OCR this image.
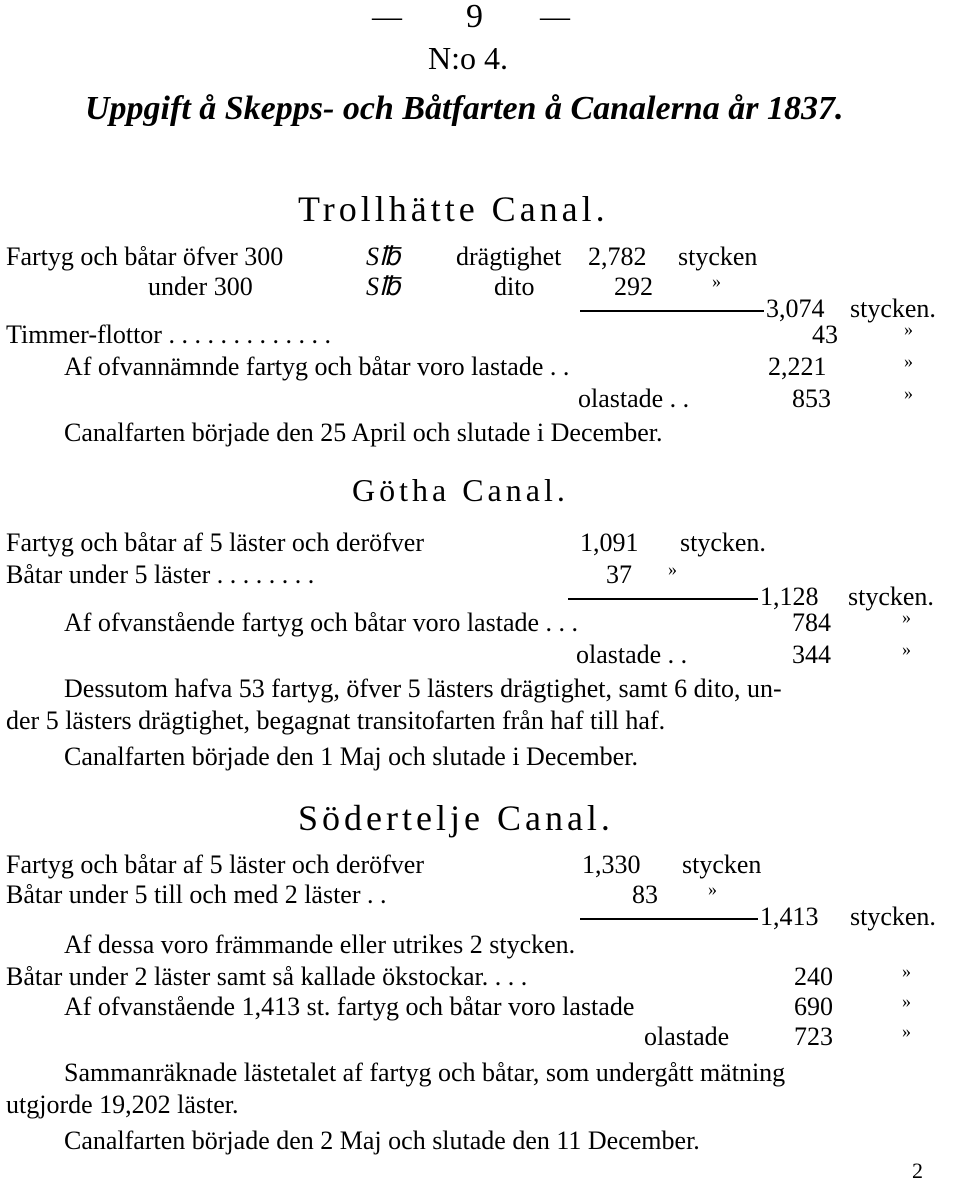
— 9 —
N:o 4.
Uppgift å Skepps- och Båtfarten å Canalerna år 1837.
Trollhätte Canal.
Fartyg och båtar öfver 300	S℔ drägtighet 2,782 stycken
under 300	S℔	dito	292	»
3,074 stycken.
Timmer-flottor . . . . . . . . . . . . .	43	»
Af ofvannämnde fartyg och båtar voro lastade . .	2,221	»
olastade . .	853	»
Canalfarten började den 25 April och slutade i December.
Götha Canal.
Fartyg och båtar af 5 läster och deröfver	1,091 stycken.
Båtar under 5 läster . . . . . . . .	37 »
1,128 stycken.
Af ofvanstående fartyg och båtar voro lastade . . .	784	»
olastade . .	344	»
Dessutom hafva 53 fartyg, öfver 5 lästers drägtighet, samt 6 dito, un-
der 5 lästers drägtighet, begagnat transitofarten från haf till haf.
Canalfarten började den 1 Maj och slutade i December.
Södertelje Canal.
Fartyg och båtar af 5 läster och deröfver	1,330 stycken
Båtar under 5 till och med 2 läster . .	83	»
1,413 stycken.
Af dessa voro främmande eller utrikes 2 stycken.
Båtar under 2 läster samt så kallade ökstockar. . . .	240	»
Af ofvanstående 1,413 st. fartyg och båtar voro lastade	690	»
olastade 723	»
Sammanräknade lästetalet af fartyg och båtar, som undergått mätning
utgjorde 19,202 läster.
Canalfarten började den 2 Maj och slutade den 11 December.
2
